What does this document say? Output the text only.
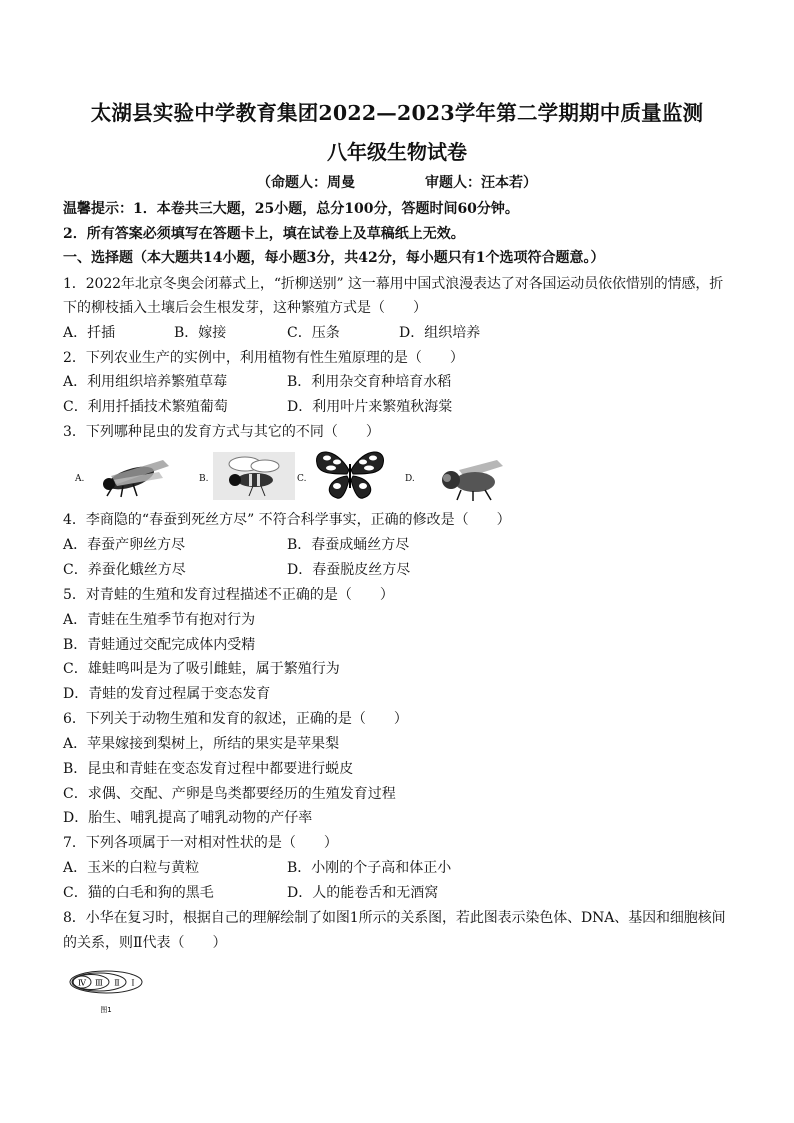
太湖县实验中学教育集团2022—2023学年第二学期期中质量监测
八年级生物试卷
（命题人：周曼	审题人：汪本若）
温馨提示：1．本卷共三大题，25小题，总分100分，答题时间60分钟。
2．所有答案必须填写在答题卡上，填在试卷上及草稿纸上无效。
一、选择题（本大题共14小题，每小题3分，共42分，每小题只有1个选项符合题意。）
1．2022年北京冬奥会闭幕式上，“折柳送别” 这一幕用中国式浪漫表达了对各国运动员依依惜别的情感，折
下的柳枝插入土壤后会生根发芽，这种繁殖方式是（　　）
A．扦插	B．嫁接	C．压条	D．组织培养
2．下列农业生产的实例中，利用植物有性生殖原理的是（　　）
A．利用组织培养繁殖草莓	B．利用杂交育种培育水稻
C．利用扦插技术繁殖葡萄	D．利用叶片来繁殖秋海棠
3．下列哪种昆虫的发育方式与其它的不同（　　）
A.	B.	C.	D.
4．李商隐的“春蚕到死丝方尽” 不符合科学事实，正确的修改是（　　）
A．春蚕产卵丝方尽	B．春蚕成蛹丝方尽
C．养蚕化蛾丝方尽	D．春蚕脱皮丝方尽
5．对青蛙的生殖和发育过程描述不正确的是（　　）
A．青蛙在生殖季节有抱对行为
B．青蛙通过交配完成体内受精
C．雄蛙鸣叫是为了吸引雌蛙，属于繁殖行为
D．青蛙的发育过程属于变态发育
6．下列关于动物生殖和发育的叙述，正确的是（　　）
A．苹果嫁接到梨树上，所结的果实是苹果梨
B．昆虫和青蛙在变态发育过程中都要进行蜕皮
C．求偶、交配、产卵是鸟类都要经历的生殖发育过程
D．胎生、哺乳提高了哺乳动物的产仔率
7．下列各项属于一对相对性状的是（　　）
A．玉米的白粒与黄粒	B．小刚的个子高和体正小
C．猫的白毛和狗的黑毛	D．人的能卷舌和无酒窝
8．小华在复习时，根据自己的理解绘制了如图1所示的关系图，若此图表示染色体、DNA、基因和细胞核间
的关系，则Ⅱ代表（　　）
Ⅳ Ⅲ Ⅱ Ⅰ
图1
